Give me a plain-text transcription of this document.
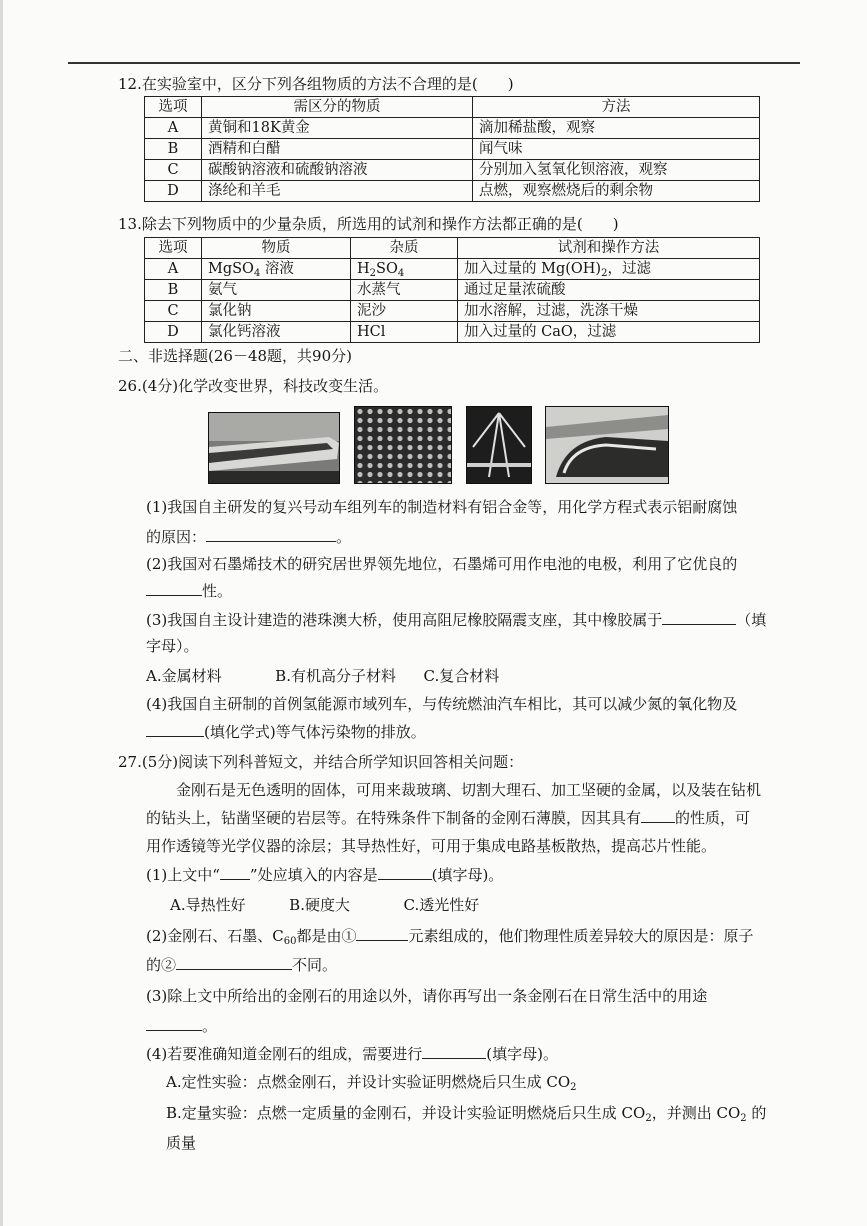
12.在实验室中，区分下列各组物质的方法不合理的是(　　)
选项	需区分的物质	方法
A	黄铜和18K黄金	滴加稀盐酸，观察
B	酒精和白醋	闻气味
C	碳酸钠溶液和硫酸钠溶液	分别加入氢氧化钡溶液，观察
D	涤纶和羊毛	点燃，观察燃烧后的剩余物
13.除去下列物质中的少量杂质，所选用的试剂和操作方法都正确的是(　　)
选项	物质	杂质	试剂和操作方法
A	MgSO$_4$ 溶液	$H_2SO_4$	加入过量的 $Mg(OH)_2$，过滤
B	氨气	水蒸气	通过足量浓硫酸
C	氯化钠	泥沙	加水溶解，过滤，洗涤干燥
D	氯化钙溶液	HCl	加入过量的 CaO，过滤
二、非选择题(26－48题，共90分)
26.(4分)化学改变世界，科技改变生活。
(1)我国自主研发的复兴号动车组列车的制造材料有铝合金等，用化学方程式表示铝耐腐蚀
的原因：	。
(2)我国对石墨烯技术的研究居世界领先地位，石墨烯可用作电池的电极，利用了它优良的
性。
(3)我国自主设计建造的港珠澳大桥，使用高阻尼橡胶隔震支座，其中橡胶属于	（填
字母）。
A.金属材料	B.有机高分子材料 C.复合材料
(4)我国自主研制的首例氢能源市域列车，与传统燃油汽车相比，其可以减少氮的氧化物及
(填化学式)等气体污染物的排放。
27.(5分)阅读下列科普短文，并结合所学知识回答相关问题：
金刚石是无色透明的固体，可用来裁玻璃、切割大理石、加工坚硬的金属，以及装在钻机
的钻头上，钻凿坚硬的岩层等。在特殊条件下制备的金刚石薄膜，因其具有 的性质，可
用作透镜等光学仪器的涂层；其导热性好，可用于集成电路基板散热，提高芯片性能。
(1)上文中“ ”处应填入的内容是	(填字母)。
A.导热性好	B.硬度大	C.透光性好
(2)金刚石、石墨、$C_{60}$都是由①	元素组成的，他们物理性质差异较大的原因是：原子
的②	不同。
(3)除上文中所给出的金刚石的用途以外，请你再写出一条金刚石在日常生活中的用途
。
(4)若要准确知道金刚石的组成，需要进行	(填字母)。
A.定性实验：点燃金刚石，并设计实验证明燃烧后只生成 $CO_2$
B.定量实验：点燃一定质量的金刚石，并设计实验证明燃烧后只生成 $CO_2$，并测出 $CO_2$ 的
质量
